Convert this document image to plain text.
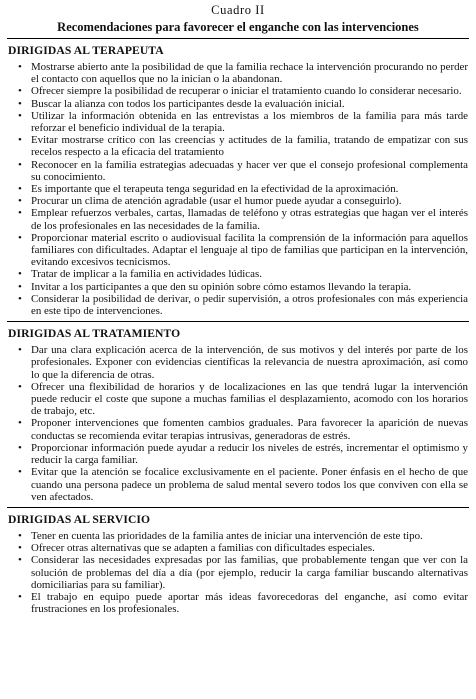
Cuadro II
Recomendaciones para favorecer el enganche con las intervenciones
DIRIGIDAS AL TERAPEUTA
• Mostrarse abierto ante la posibilidad de que la familia rechace la intervención procurando no perder el contacto con aquellos que no la inician o la abandonan.
• Ofrecer siempre la posibilidad de recuperar o iniciar el tratamiento cuando lo considerar necesario.
• Buscar la alianza con todos los participantes desde la evaluación inicial.
• Utilizar la información obtenida en las entrevistas a los miembros de la familia para más tarde reforzar el beneficio individual de la terapia.
• Evitar mostrarse crítico con las creencias y actitudes de la familia, tratando de empatizar con sus recelos respecto a la eficacia del tratamiento
• Reconocer en la familia estrategias adecuadas y hacer ver que el consejo profesional complementa su conocimiento.
• Es importante que el terapeuta tenga seguridad en la efectividad de la aproximación.
• Procurar un clima de atención agradable (usar el humor puede ayudar a conseguirlo).
• Emplear refuerzos verbales, cartas, llamadas de teléfono y otras estrategias que hagan ver el interés de los profesionales en las necesidades de la familia.
• Proporcionar material escrito o audiovisual facilita la comprensión de la información para aquellos familiares con dificultades. Adaptar el lenguaje al tipo de familias que participan en la intervención, evitando excesivos tecnicismos.
• Tratar de implicar a la familia en actividades lúdicas.
• Invitar a los participantes a que den su opinión sobre cómo estamos llevando la terapia.
• Considerar la posibilidad de derivar, o pedir supervisión, a otros profesionales con más experiencia en este tipo de intervenciones.
DIRIGIDAS AL TRATAMIENTO
• Dar una clara explicación acerca de la intervención, de sus motivos y del interés por parte de los profesionales. Exponer con evidencias científicas la relevancia de nuestra aproximación, así como lo que la diferencia de otras.
• Ofrecer una flexibilidad de horarios y de localizaciones en las que tendrá lugar la intervención puede reducir el coste que supone a muchas familias el desplazamiento, acomodo con los horarios de trabajo, etc.
• Proponer intervenciones que fomenten cambios graduales. Para favorecer la aparición de nuevas conductas se recomienda evitar terapias intrusivas, generadoras de estrés.
• Proporcionar información puede ayudar a reducir los niveles de estrés, incrementar el optimismo y reducir la carga familiar.
• Evitar que la atención se focalice exclusivamente en el paciente. Poner énfasis en el hecho de que cuando una persona padece un problema de salud mental severo todos los que conviven con ella se ven afectados.
DIRIGIDAS AL SERVICIO
• Tener en cuenta las prioridades de la familia antes de iniciar una intervención de este tipo.
• Ofrecer otras alternativas que se adapten a familias con dificultades especiales.
• Considerar las necesidades expresadas por las familias, que probablemente tengan que ver con la solución de problemas del día a día (por ejemplo, reducir la carga familiar buscando alternativas domiciliarias para su familiar).
• El trabajo en equipo puede aportar más ideas favorecedoras del enganche, así como evitar frustraciones en los profesionales.
